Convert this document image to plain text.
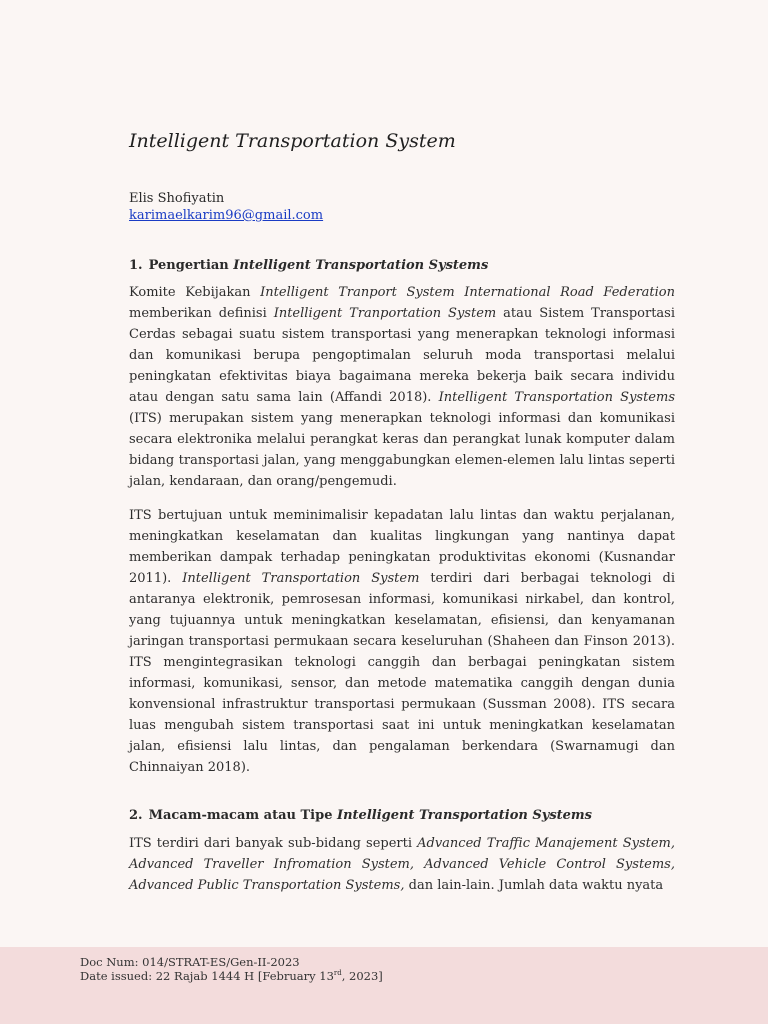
Intelligent Transportation System
Elis Shofiyatin
karimaelkarim96@gmail.com
1. Pengertian Intelligent Transportation Systems
Komite Kebijakan Intelligent Tranport System International Road Federation memberikan definisi Intelligent Tranportation System atau Sistem Transportasi Cerdas sebagai suatu sistem transportasi yang menerapkan teknologi informasi dan komunikasi berupa pengoptimalan seluruh moda transportasi melalui peningkatan efektivitas biaya bagaimana mereka bekerja baik secara individu atau dengan satu sama lain (Affandi 2018). Intelligent Transportation Systems (ITS) merupakan sistem yang menerapkan teknologi informasi dan komunikasi secara elektronika melalui perangkat keras dan perangkat lunak komputer dalam bidang transportasi jalan, yang menggabungkan elemen-elemen lalu lintas seperti jalan, kendaraan, dan orang/pengemudi.
ITS bertujuan untuk meminimalisir kepadatan lalu lintas dan waktu perjalanan, meningkatkan keselamatan dan kualitas lingkungan yang nantinya dapat memberikan dampak terhadap peningkatan produktivitas ekonomi (Kusnandar 2011). Intelligent Transportation System terdiri dari berbagai teknologi di antaranya elektronik, pemrosesan informasi, komunikasi nirkabel, dan kontrol, yang tujuannya untuk meningkatkan keselamatan, efisiensi, dan kenyamanan jaringan transportasi permukaan secara keseluruhan (Shaheen dan Finson 2013). ITS mengintegrasikan teknologi canggih dan berbagai peningkatan sistem informasi, komunikasi, sensor, dan metode matematika canggih dengan dunia konvensional infrastruktur transportasi permukaan (Sussman 2008). ITS secara luas mengubah sistem transportasi saat ini untuk meningkatkan keselamatan jalan, efisiensi lalu lintas, dan pengalaman berkendara (Swarnamugi dan Chinnaiyan 2018).
2. Macam-macam atau Tipe Intelligent Transportation Systems
ITS terdiri dari banyak sub-bidang seperti Advanced Traffic Manajement System, Advanced Traveller Infromation System, Advanced Vehicle Control Systems, Advanced Public Transportation Systems, dan lain-lain. Jumlah data waktu nyata
Doc Num: 014/STRAT-ES/Gen-II-2023
Date issued: 22 Rajab 1444 H [February 13rd, 2023]
